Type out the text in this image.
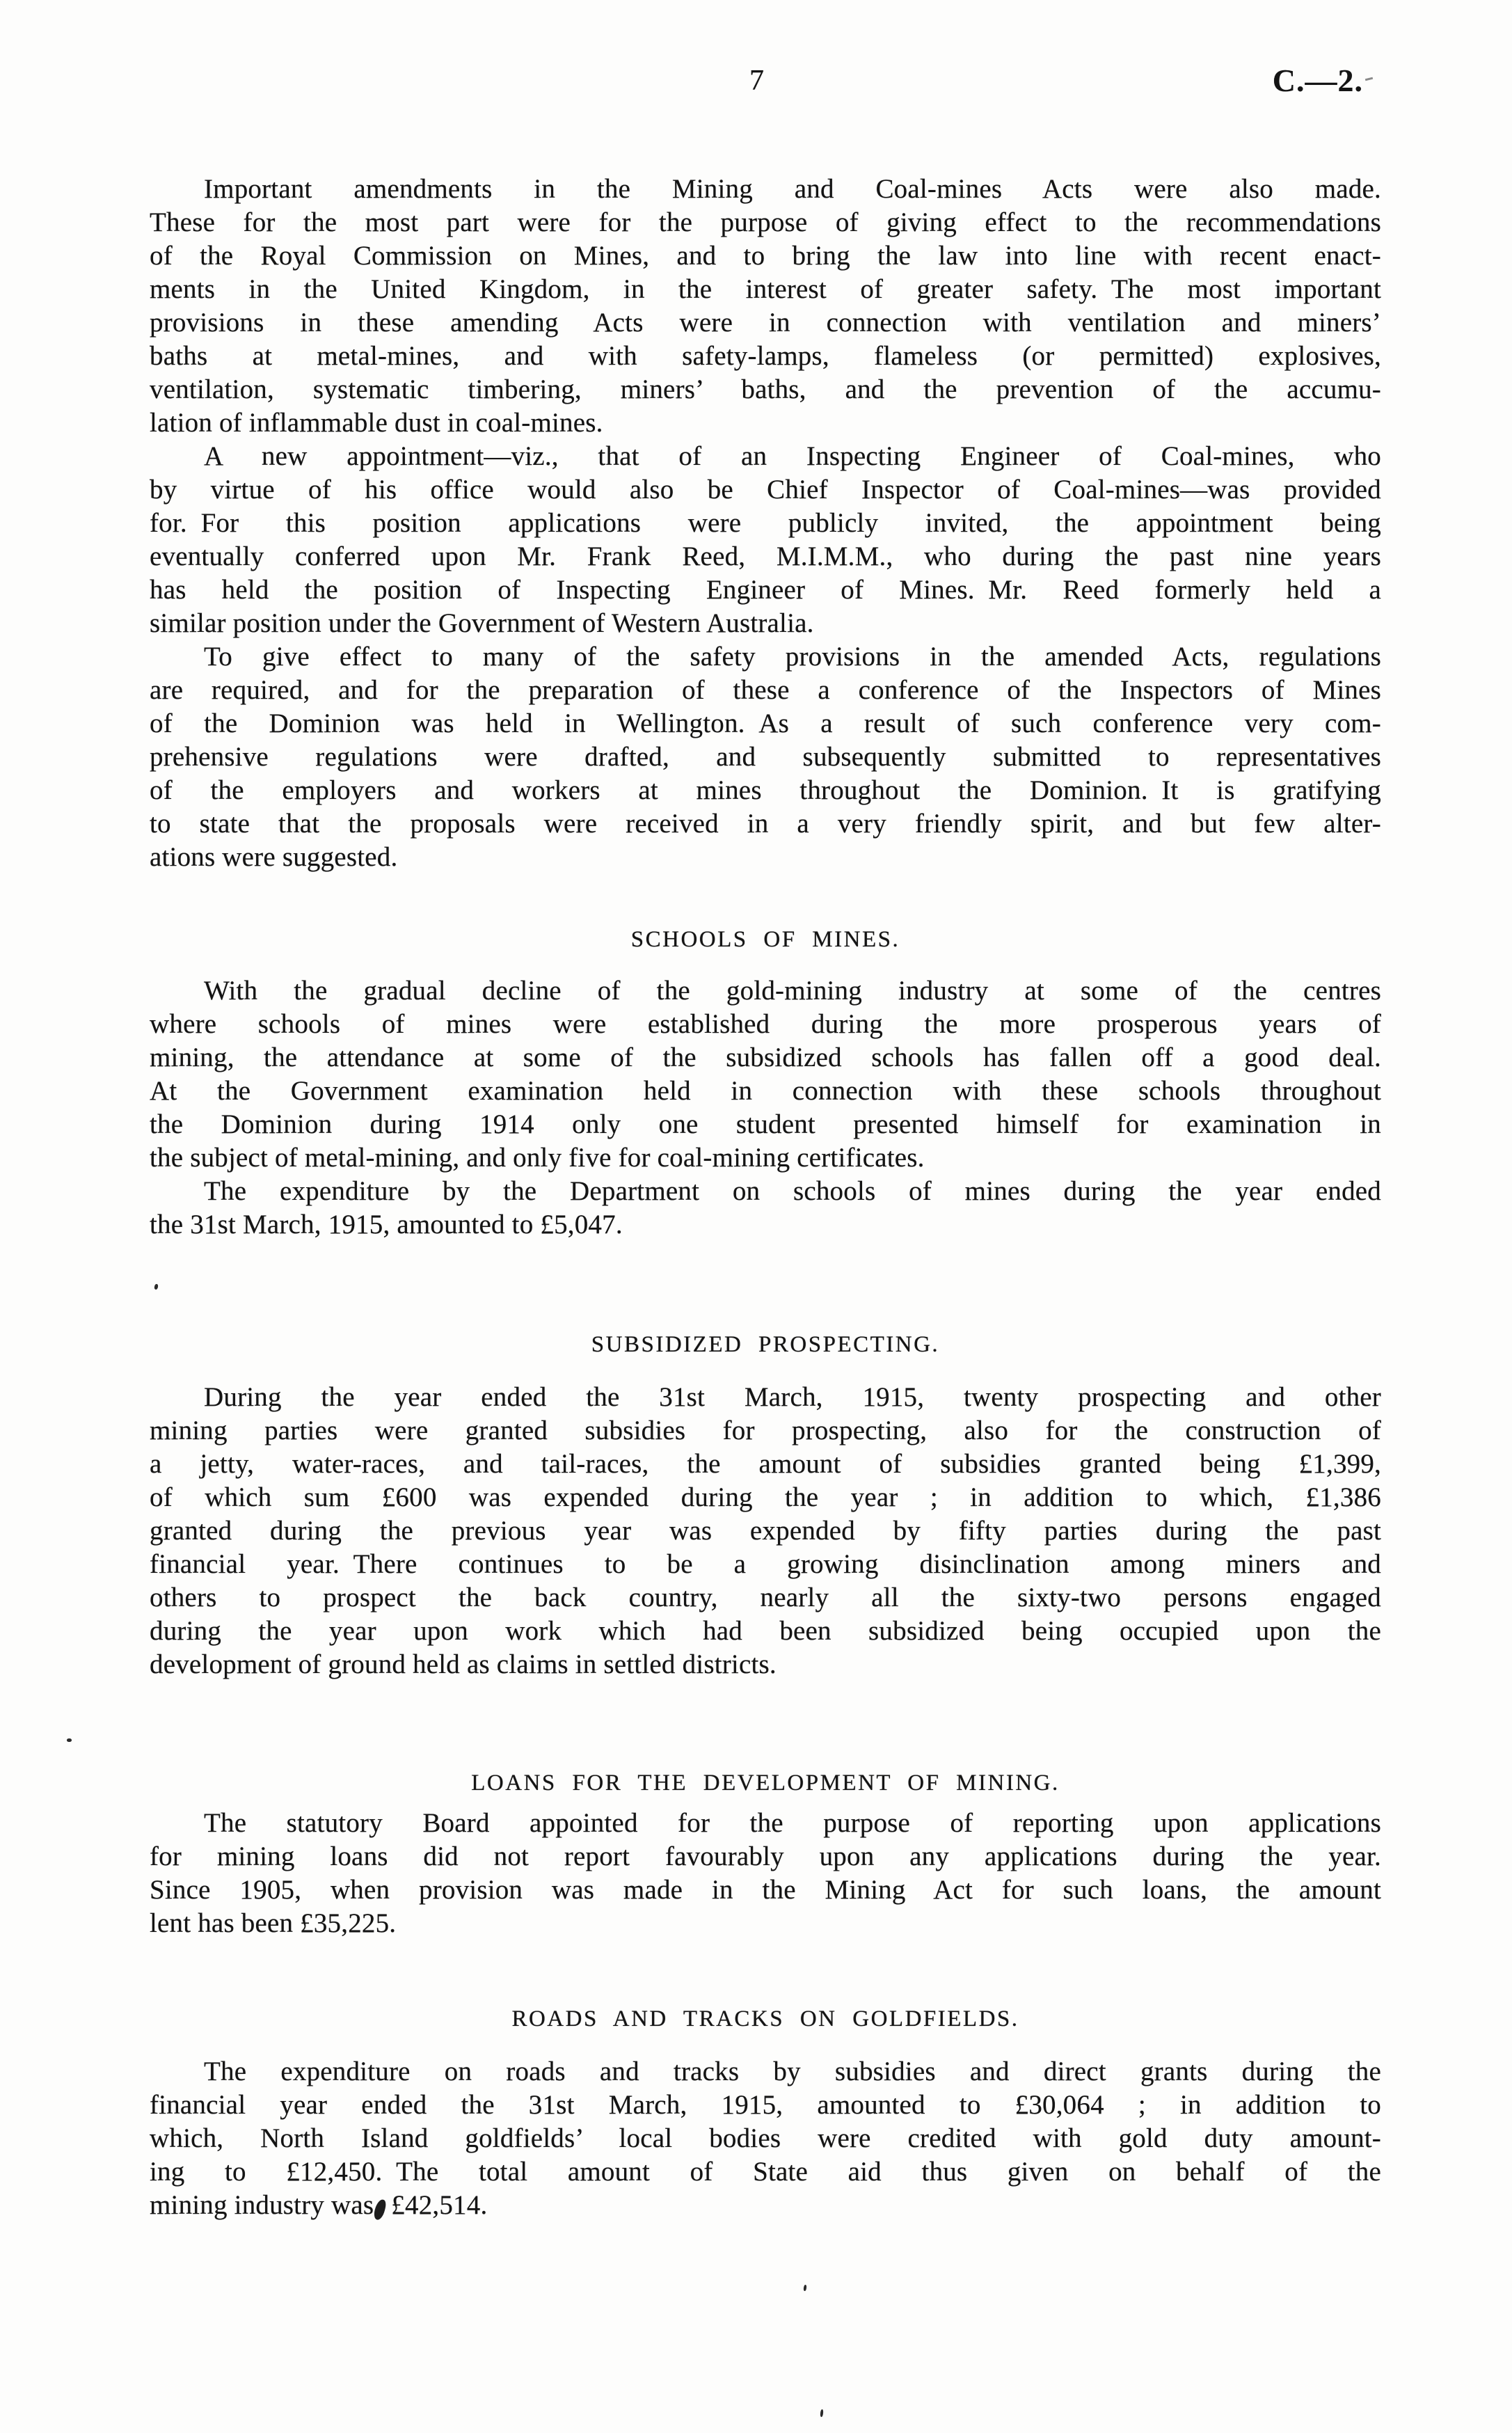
7	C.—2.
Important amendments in the Mining and Coal-mines Acts were also made.
These for the most part were for the purpose of giving effect to the recommendations
of the Royal Commission on Mines, and to bring the law into line with recent enact-
ments in the United Kingdom, in the interest of greater safety. The most important
provisions in these amending Acts were in connection with ventilation and miners’
baths at metal-mines, and with safety-lamps, flameless (or permitted) explosives,
ventilation, systematic timbering, miners’ baths, and the prevention of the accumu-
lation of inflammable dust in coal-mines.
A new appointment—viz., that of an Inspecting Engineer of Coal-mines, who
by virtue of his office would also be Chief Inspector of Coal-mines—was provided
for. For this position applications were publicly invited, the appointment being
eventually conferred upon Mr. Frank Reed, M.I.M.M., who during the past nine years
has held the position of Inspecting Engineer of Mines. Mr. Reed formerly held a
similar position under the Government of Western Australia.
To give effect to many of the safety provisions in the amended Acts, regulations
are required, and for the preparation of these a conference of the Inspectors of Mines
of the Dominion was held in Wellington. As a result of such conference very com-
prehensive regulations were drafted, and subsequently submitted to representatives
of the employers and workers at mines throughout the Dominion. It is gratifying
to state that the proposals were received in a very friendly spirit, and but few alter-
ations were suggested.
SCHOOLS OF MINES.
With the gradual decline of the gold-mining industry at some of the centres
where schools of mines were established during the more prosperous years of
mining, the attendance at some of the subsidized schools has fallen off a good deal.
At the Government examination held in connection with these schools throughout
the Dominion during 1914 only one student presented himself for examination in
the subject of metal-mining, and only five for coal-mining certificates.
The expenditure by the Department on schools of mines during the year ended
the 31st March, 1915, amounted to £5,047.
SUBSIDIZED PROSPECTING.
During the year ended the 31st March, 1915, twenty prospecting and other
mining parties were granted subsidies for prospecting, also for the construction of
a jetty, water-races, and tail-races, the amount of subsidies granted being £1,399,
of which sum £600 was expended during the year ; in addition to which, £1,386
granted during the previous year was expended by fifty parties during the past
financial year. There continues to be a growing disinclination among miners and
others to prospect the back country, nearly all the sixty-two persons engaged
during the year upon work which had been subsidized being occupied upon the
development of ground held as claims in settled districts.
LOANS FOR THE DEVELOPMENT OF MINING.
The statutory Board appointed for the purpose of reporting upon applications
for mining loans did not report favourably upon any applications during the year.
Since 1905, when provision was made in the Mining Act for such loans, the amount
lent has been £35,225.
ROADS AND TRACKS ON GOLDFIELDS.
The expenditure on roads and tracks by subsidies and direct grants during the
financial year ended the 31st March, 1915, amounted to £30,064 ; in addition to
which, North Island goldfields’ local bodies were credited with gold duty amount-
ing to £12,450. The total amount of State aid thus given on behalf of the
mining industry was £42,514.
